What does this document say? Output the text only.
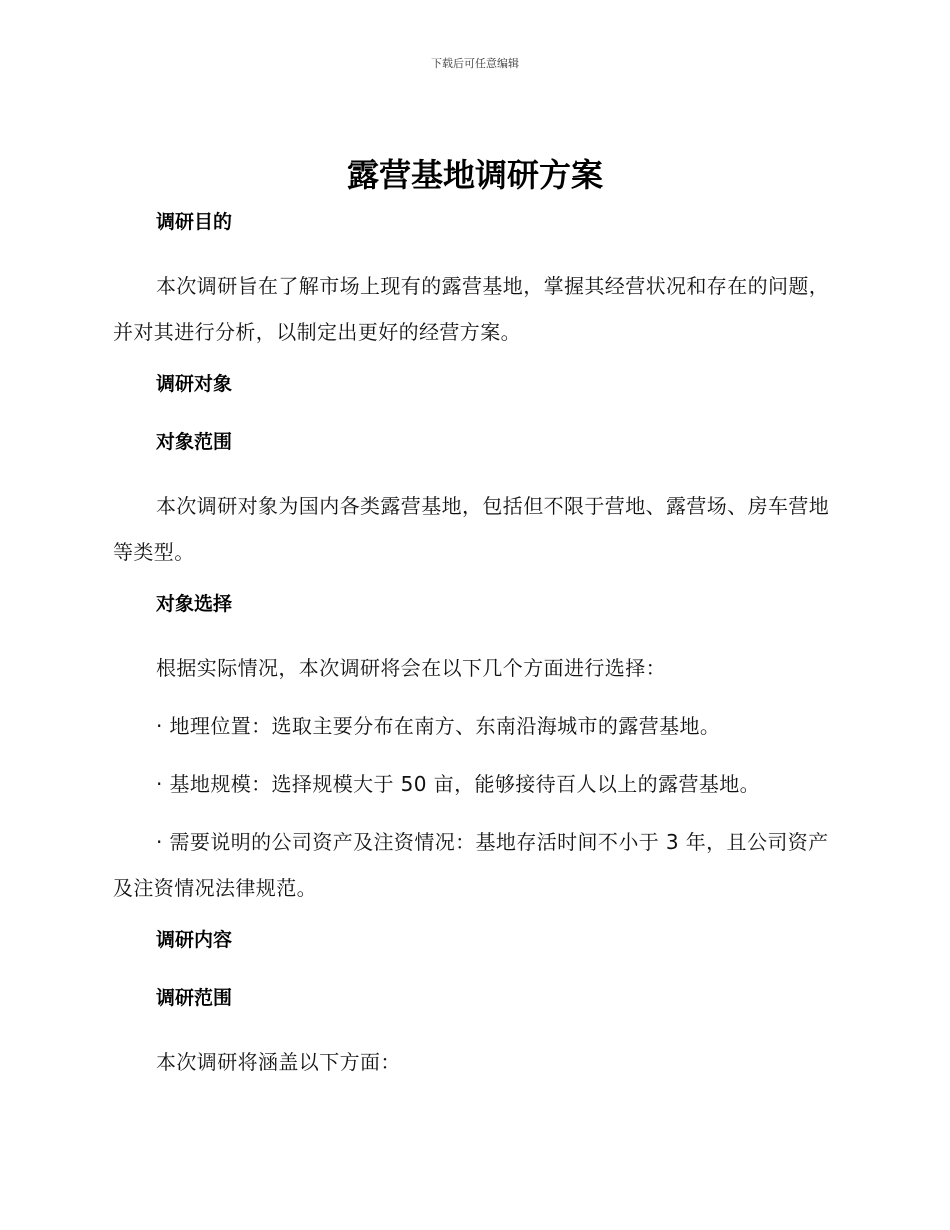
下载后可任意编辑
露营基地调研方案
调研目的

本次调研旨在了解市场上现有的露营基地，掌握其经营状况和存在的问题，并对其进行分析，以制定出更好的经营方案。

调研对象
对象范围

本次调研对象为国内各类露营基地，包括但不限于营地、露营场、房车营地等类型。

对象选择

根据实际情况，本次调研将会在以下几个方面进行选择：

· 地理位置：选取主要分布在南方、东南沿海城市的露营基地。

· 基地规模：选择规模大于 50 亩，能够接待百人以上的露营基地。

· 需要说明的公司资产及注资情况：基地存活时间不小于 3 年，且公司资产及注资情况法律规范。

调研内容
调研范围

本次调研将涵盖以下方面：
